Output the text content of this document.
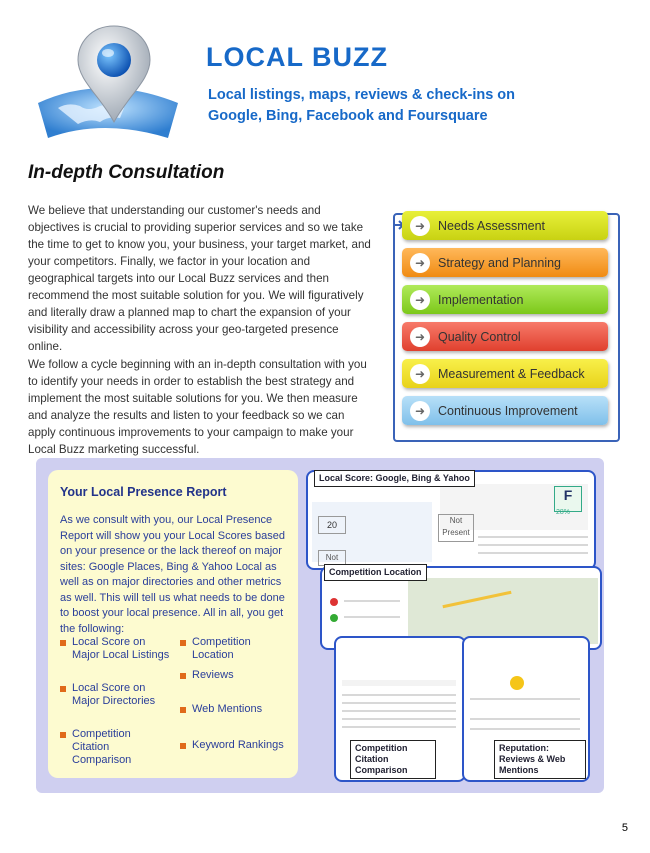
LOCAL BUZZ
Local listings, maps, reviews & check-ins on
Google, Bing, Facebook and Foursquare
In-depth Consultation

We believe that understanding our customer's needs and objectives is crucial to providing superior services and so we take the time to get to know you, your business, your target market, and your competitors. Finally, we factor in your location and geographical targets into our Local Buzz services and then recommend the most suitable solution for you. We will figuratively and literally draw a planned map to chart the expansion of your visibility and accessibility across your geo-targeted presence online.

We follow a cycle beginning with an in-depth consultation with you to identify your needs in order to establish the best strategy and implement the most suitable solutions for you. We then measure and analyze the results and listen to your feedback so we can apply continuous improvements to your campaign to make your Local Buzz marketing successful.

➜	Needs Assessment
➜	Strategy and Planning
➜	Implementation
➜	Quality Control
➜	Measurement & Feedback
➜	Continuous Improvement
Your Local Presence Report

As we consult with you, our Local Presence Report will show you your Local Scores based on your presence or the lack thereof on major sites: Google Places, Bing & Yahoo Local as well as on major directories and other metrics as well. This will tell us what needs to be done to boost your local presence. All in all, you get the following:

Local Score on Major Local Listings
Local Score on Major Directories
Competition Citation Comparison
Competition Location
Reviews
Web Mentions
Keyword Rankings
20	Not Present
Not
F
28%
Local Score: Google, Bing & Yahoo
Competition Location
Competition Citation Comparison
Reputation: Reviews & Web Mentions
5
